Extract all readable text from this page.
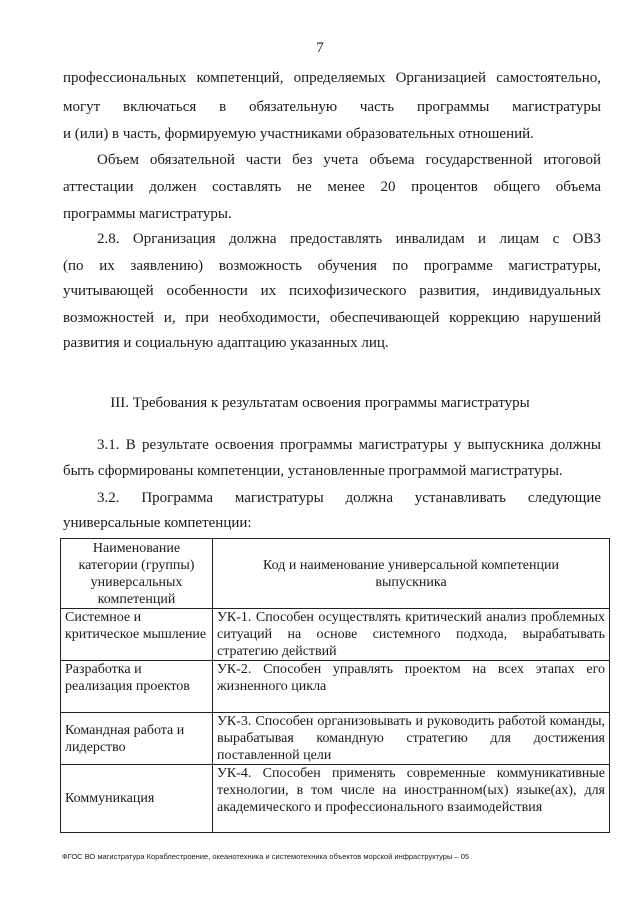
7
профессиональных компетенций, определяемых Организацией самостоятельно,
могут включаться в обязательную часть программы магистратуры
и (или) в часть, формируемую участниками образовательных отношений.
Объем обязательной части без учета объема государственной итоговой
аттестации должен составлять не менее 20 процентов общего объема
программы магистратуры.
2.8. Организация должна предоставлять инвалидам и лицам с ОВЗ
(по их заявлению) возможность обучения по программе магистратуры,
учитывающей особенности их психофизического развития, индивидуальных
возможностей и, при необходимости, обеспечивающей коррекцию нарушений
развития и социальную адаптацию указанных лиц.
III. Требования к результатам освоения программы магистратуры
3.1. В результате освоения программы магистратуры у выпускника должны
быть сформированы компетенции, установленные программой магистратуры.
3.2. Программа магистратуры должна устанавливать следующие
универсальные компетенции:
Наименование категории (группы) универсальных компетенций	Код и наименование универсальной компетенции выпускника
Системное и критическое мышление	УК-1. Способен осуществлять критический анализ проблемных ситуаций на основе системного подхода, вырабатывать стратегию действий
Разработка и реализация проектов	УК-2. Способен управлять проектом на всех этапах его жизненного цикла
Командная работа и лидерство	УК-3. Способен организовывать и руководить работой команды, вырабатывая командную стратегию для достижения поставленной цели
Коммуникация	УК-4. Способен применять современные коммуникативные технологии, в том числе на иностранном(ых) языке(ах), для академического и профессионального взаимодействия
ФГОС ВО магистратура Кораблестроение, океанотехника и системотехника объектов морской инфраструктуры – 05
